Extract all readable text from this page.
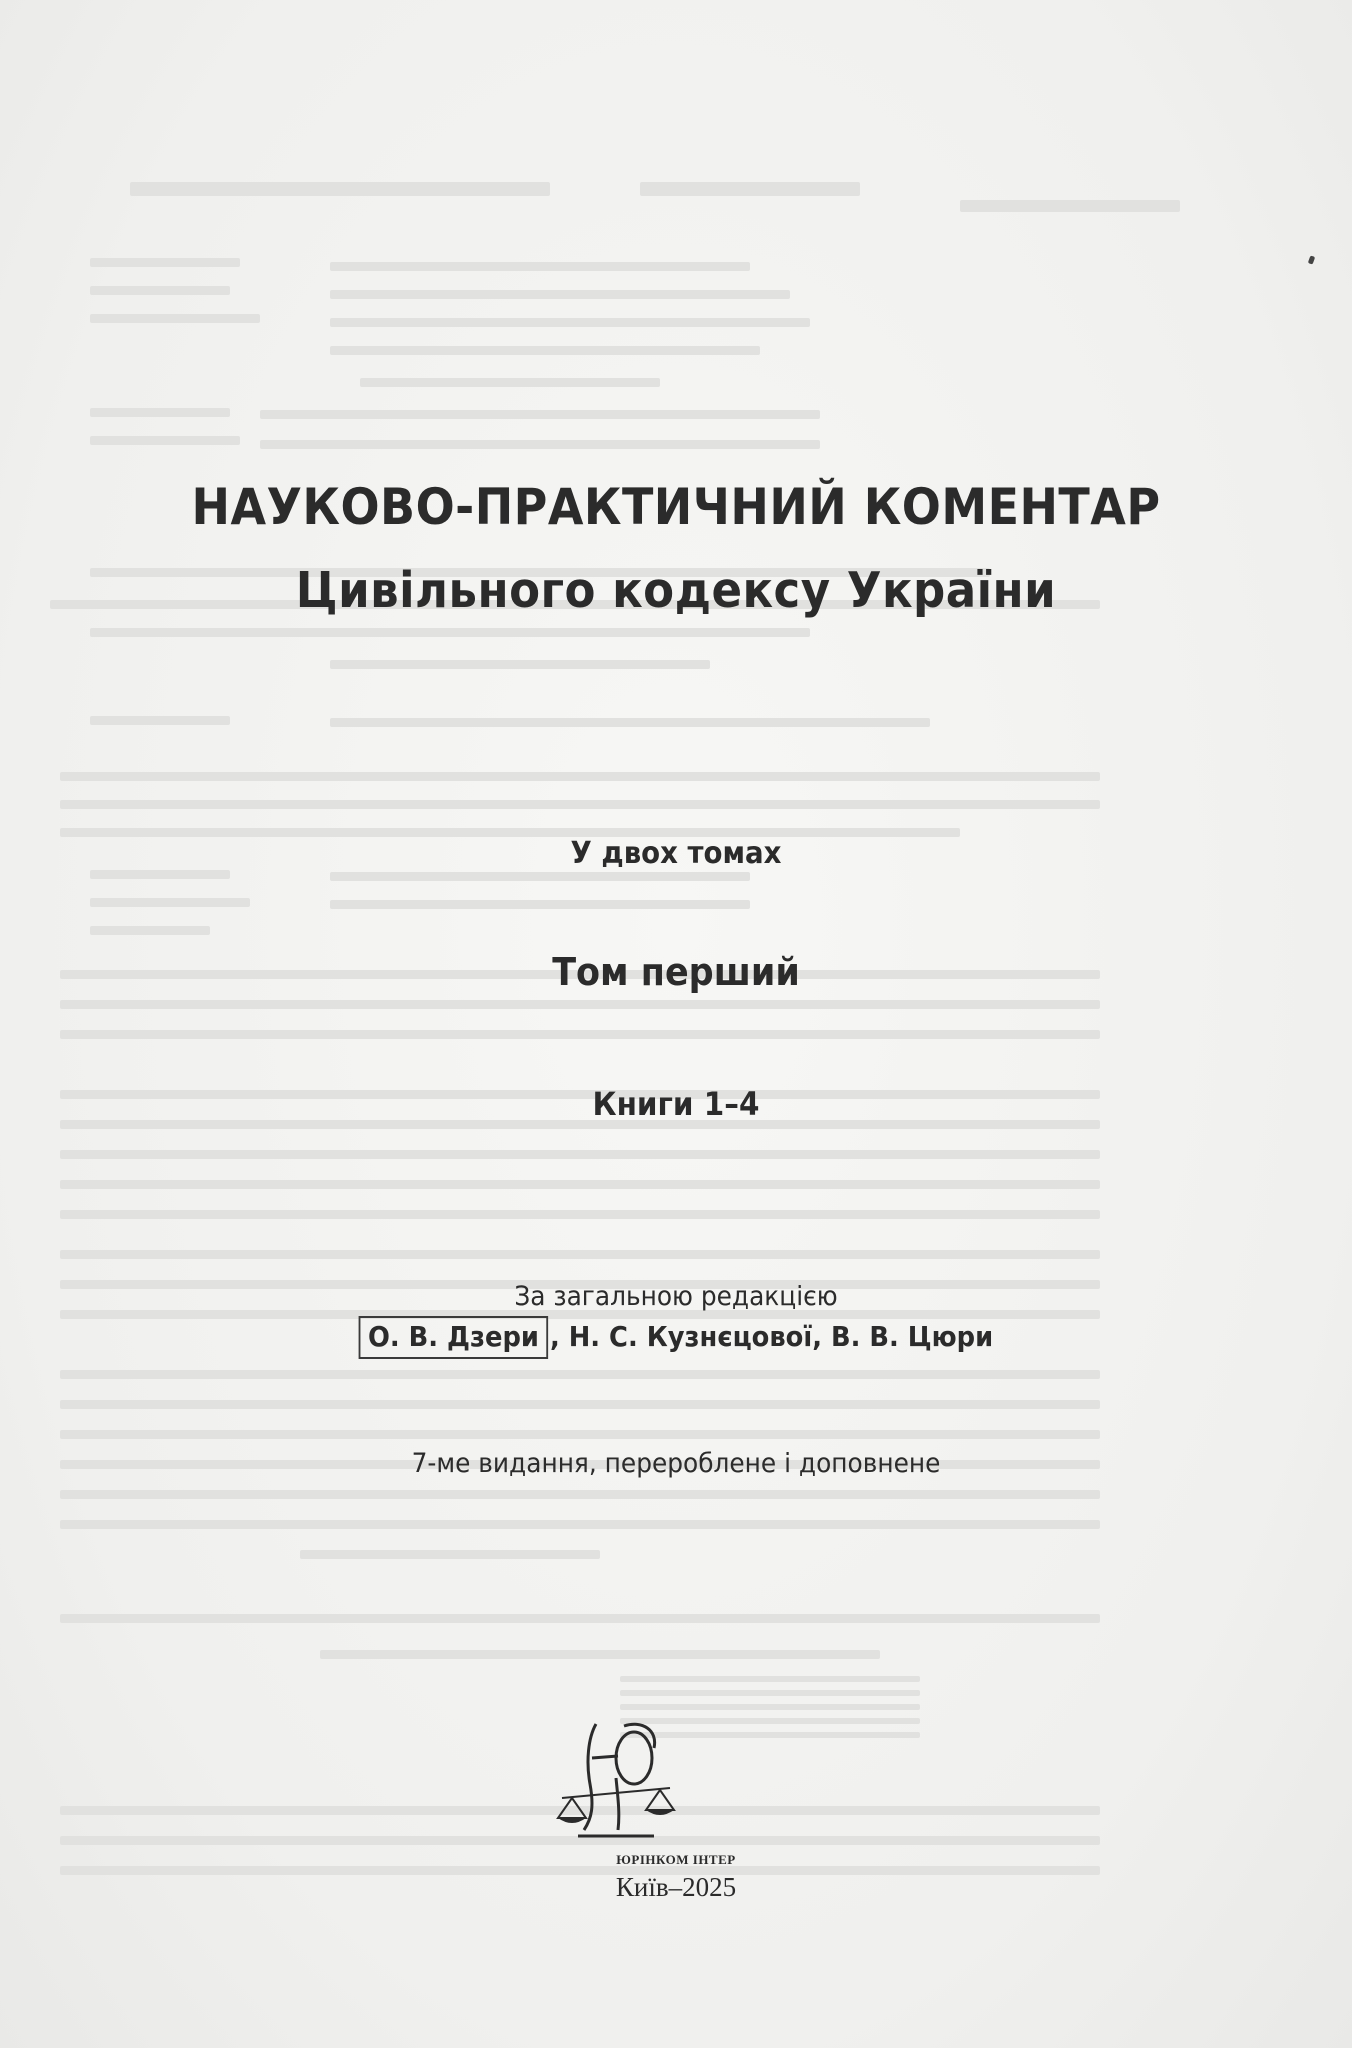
НАУКОВО-ПРАКТИЧНИЙ КОМЕНТАР
Цивільного кодексу України
У двох томах
Том перший
Книги 1–4
За загальною редакцією
О. В. Дзери , Н. С. Кузнєцової, В. В. Цюри
7-ме видання, перероблене і доповнене
ЮРІНКОМ ІНТЕР
Київ–2025
